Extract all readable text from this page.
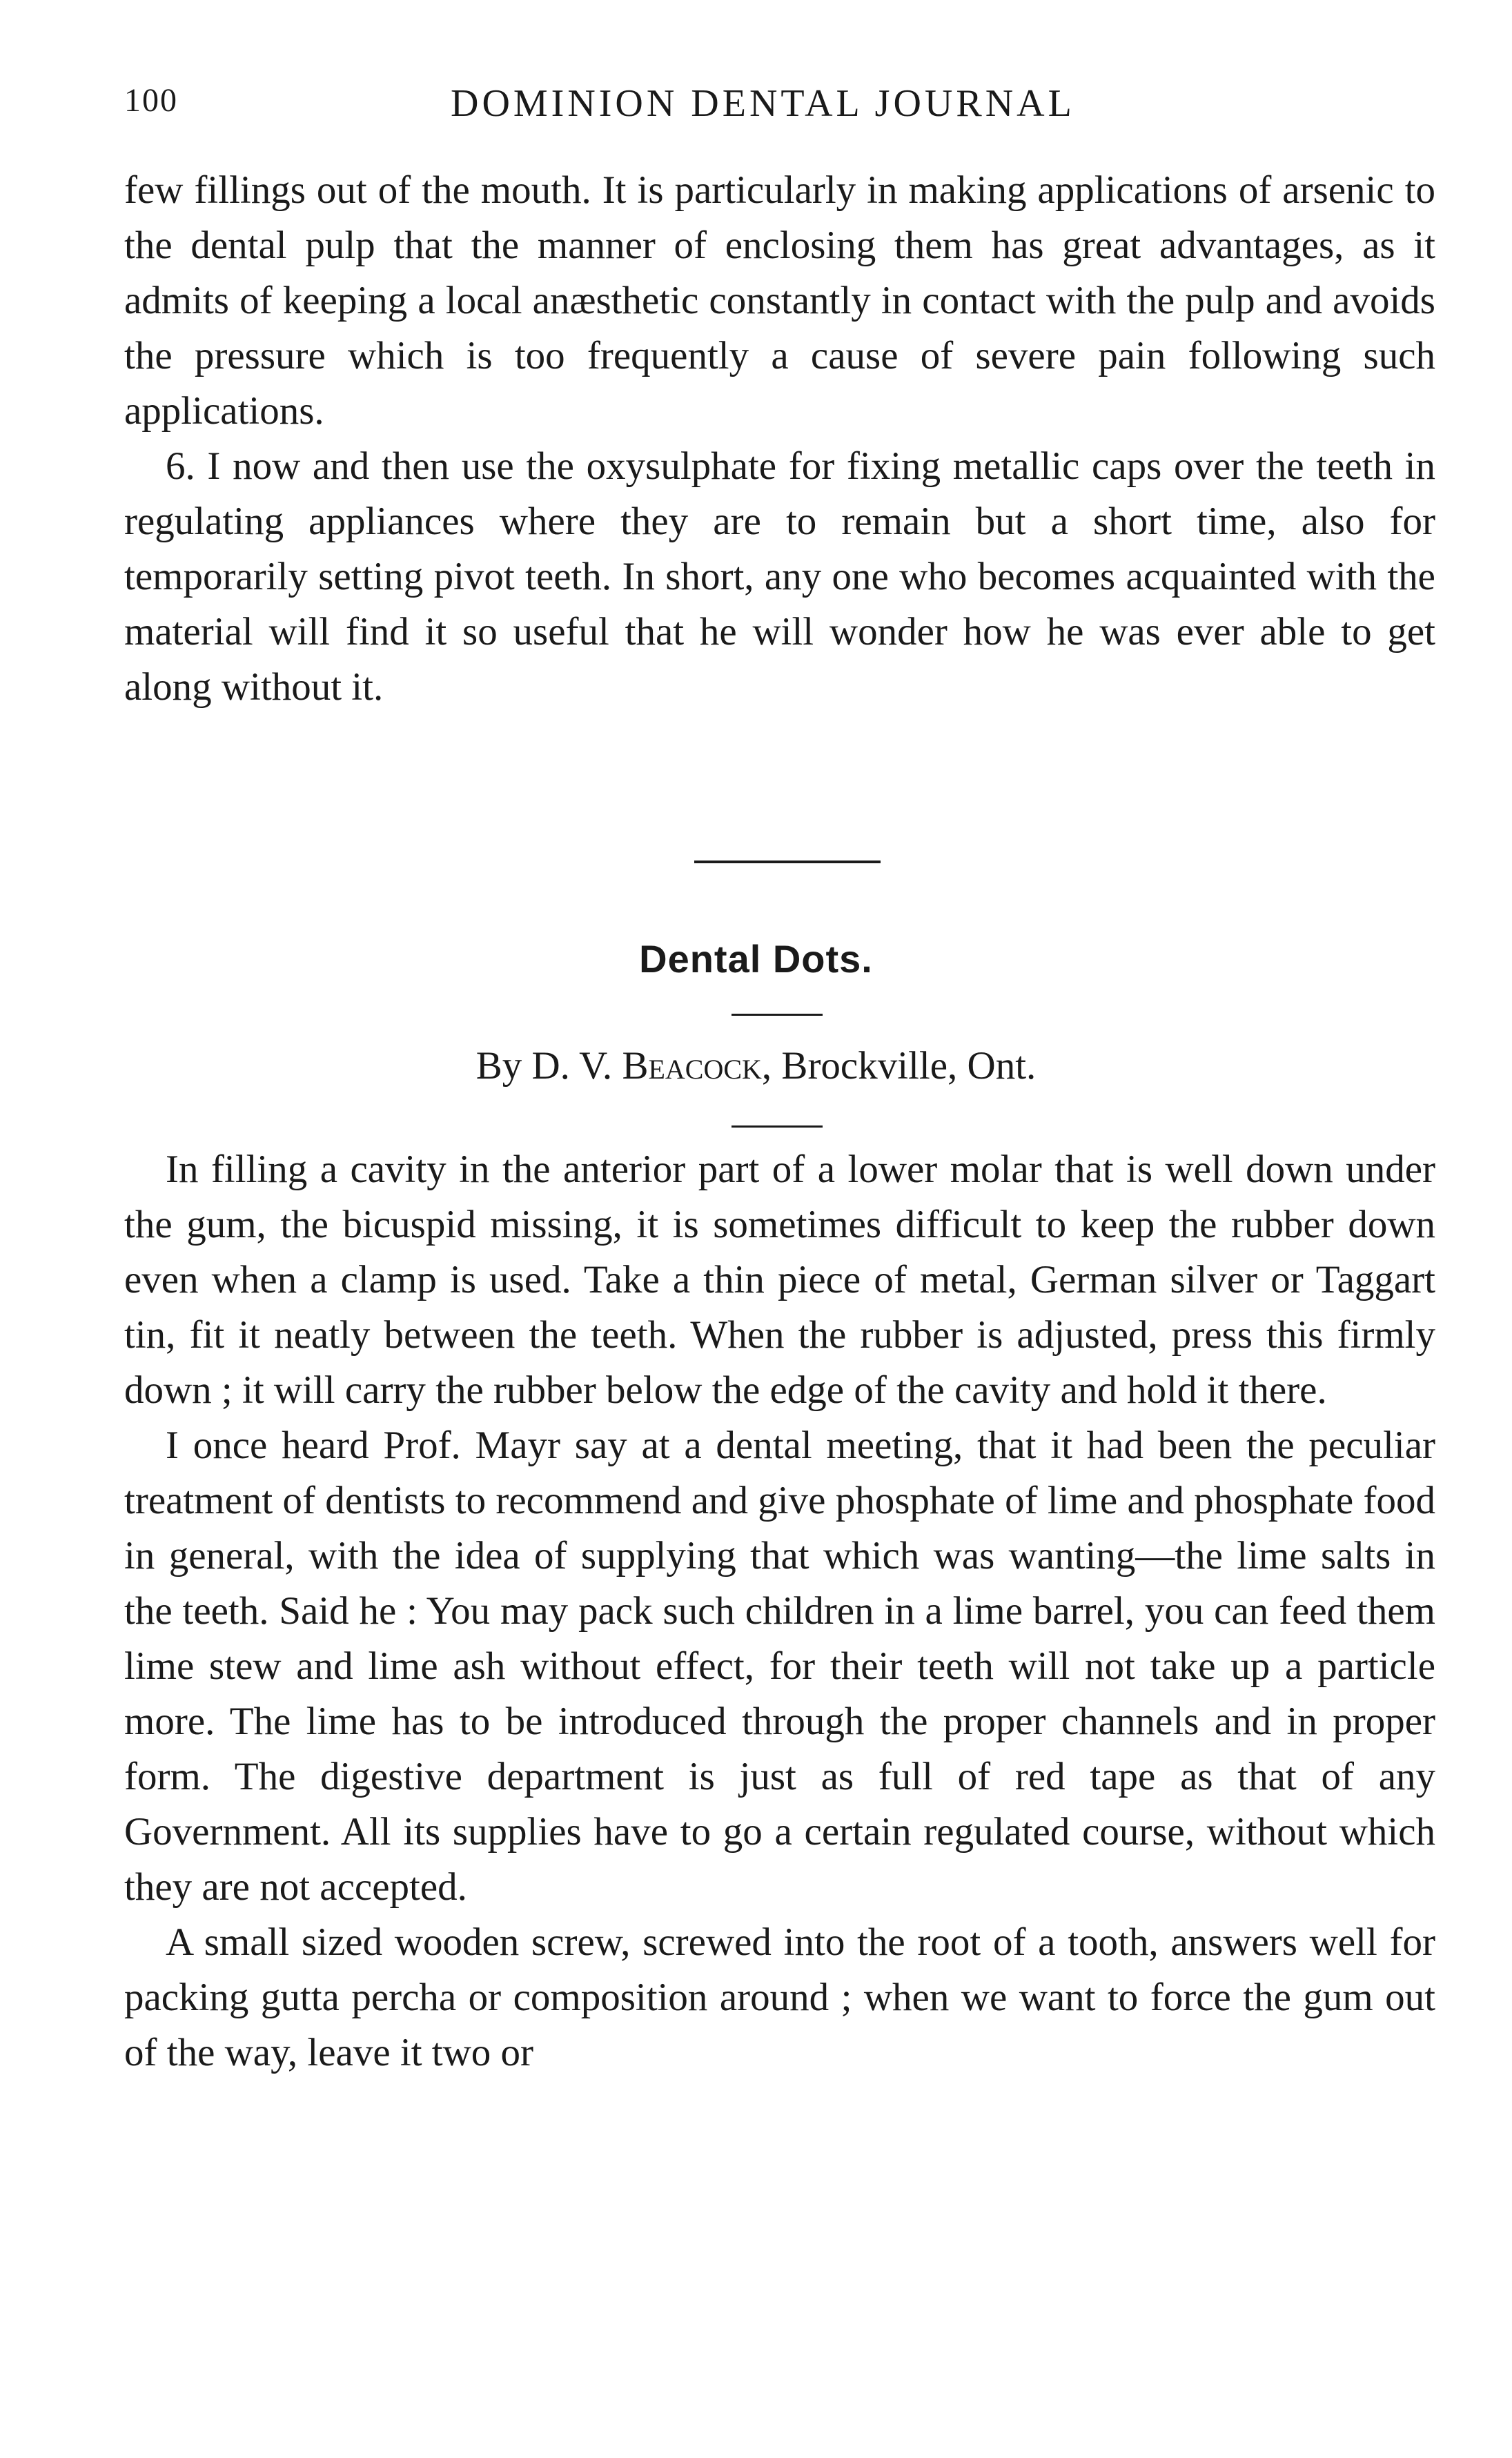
100	DOMINION DENTAL JOURNAL

few fillings out of the mouth. It is particularly in making applications of arsenic to the dental pulp that the manner of enclosing them has great advantages, as it admits of keeping a local anæsthetic constantly in contact with the pulp and avoids the pressure which is too frequently a cause of severe pain following such applications.

6. I now and then use the oxysulphate for fixing metallic caps over the teeth in regulating appliances where they are to remain but a short time, also for temporarily setting pivot teeth. In short, any one who becomes acquainted with the material will find it so useful that he will wonder how he was ever able to get along without it.

Dental Dots.
By D. V. Beacock, Brockville, Ont.

In filling a cavity in the anterior part of a lower molar that is well down under the gum, the bicuspid missing, it is sometimes difficult to keep the rubber down even when a clamp is used. Take a thin piece of metal, German silver or Taggart tin, fit it neatly between the teeth. When the rubber is adjusted, press this firmly down ; it will carry the rubber below the edge of the cavity and hold it there.

I once heard Prof. Mayr say at a dental meeting, that it had been the peculiar treatment of dentists to recommend and give phosphate of lime and phosphate food in general, with the idea of supplying that which was wanting—the lime salts in the teeth. Said he : You may pack such children in a lime barrel, you can feed them lime stew and lime ash without effect, for their teeth will not take up a particle more. The lime has to be introduced through the proper channels and in proper form. The digestive department is just as full of red tape as that of any Government. All its supplies have to go a certain regulated course, without which they are not accepted.

A small sized wooden screw, screwed into the root of a tooth, answers well for packing gutta percha or composition around ; when we want to force the gum out of the way, leave it two or
